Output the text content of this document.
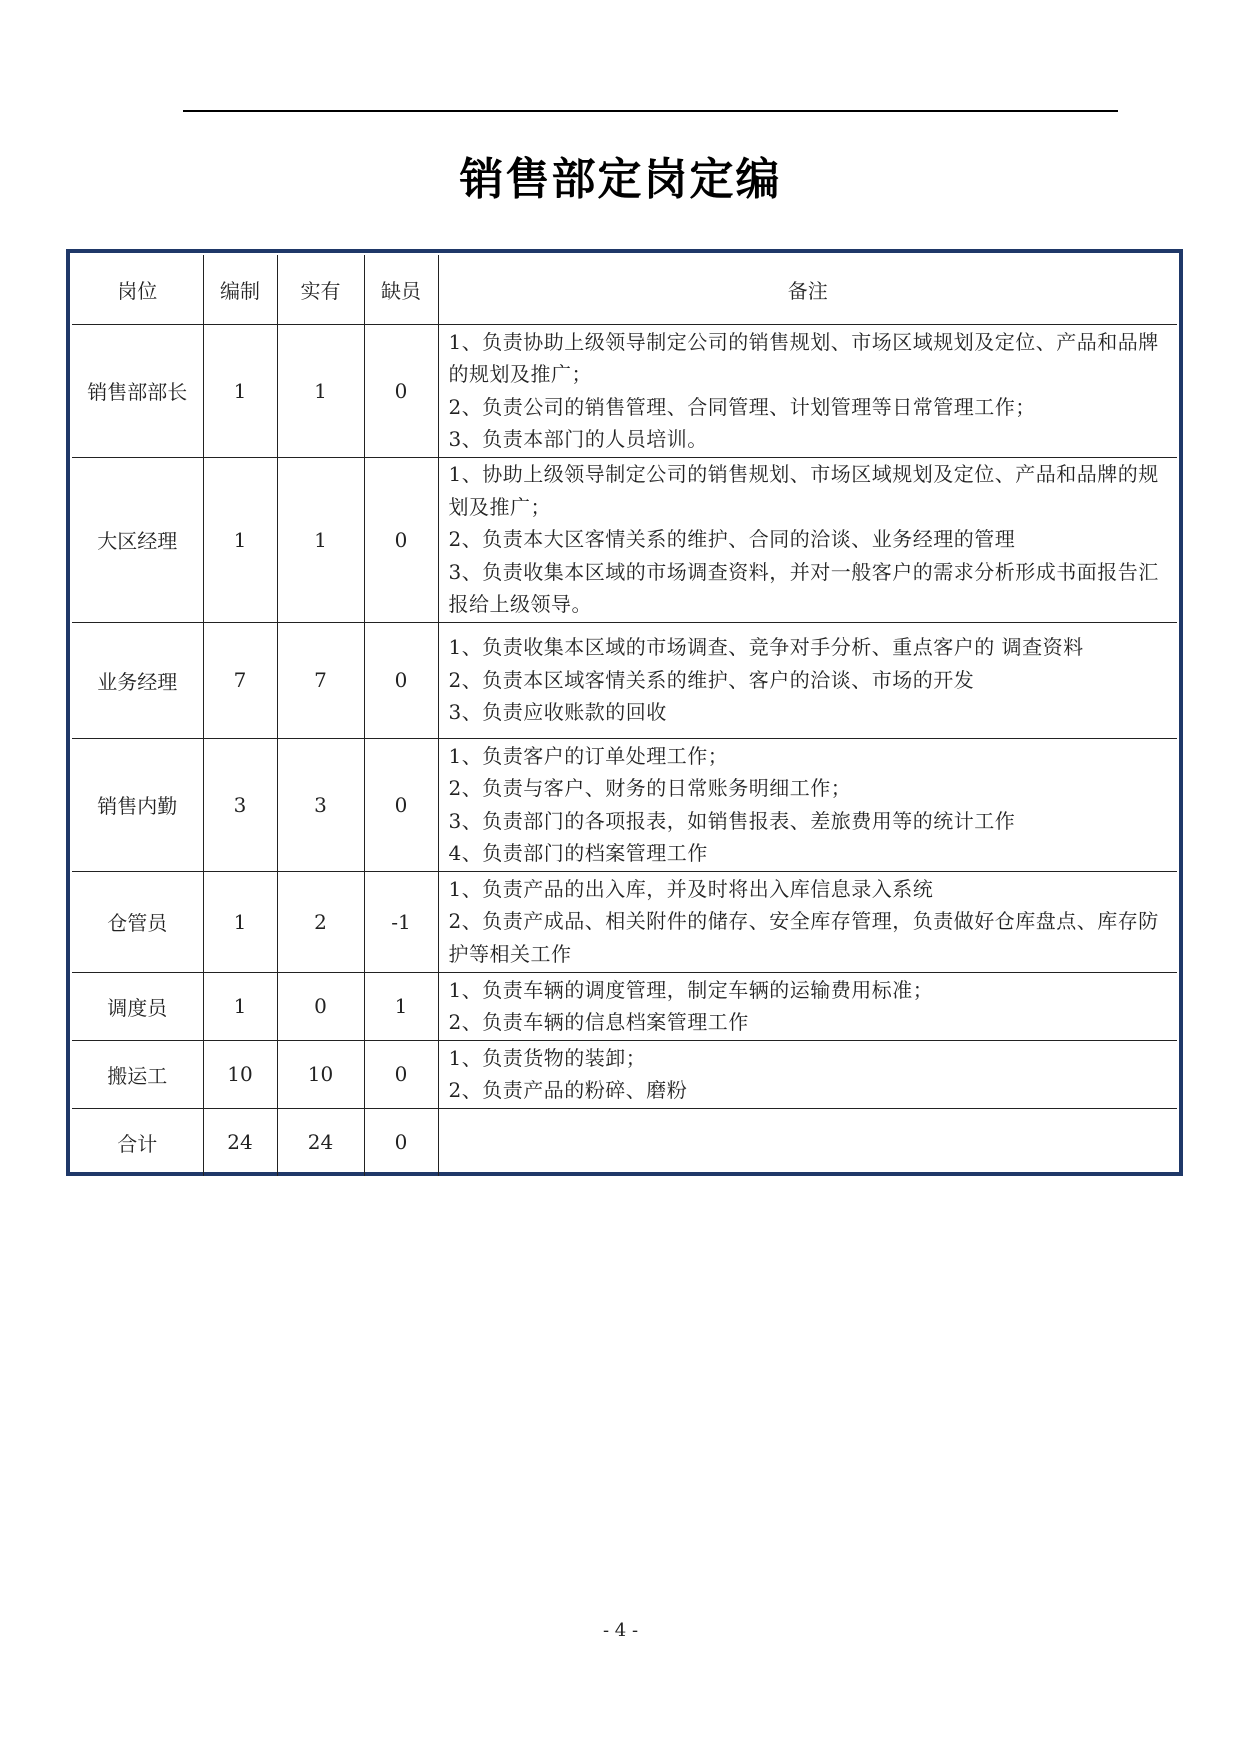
销售部定岗定编
岗位	编制	实有	缺员	备注
销售部部长	1	1	0	1、负责协助上级领导制定公司的销售规划、市场区域规划及定位、产品和品牌的规划及推广；
2、负责公司的销售管理、合同管理、计划管理等日常管理工作；
3、负责本部门的人员培训。

大区经理	1	1	0	1、协助上级领导制定公司的销售规划、市场区域规划及定位、产品和品牌的规划及推广；
2、负责本大区客情关系的维护、合同的洽谈、业务经理的管理
3、负责收集本区域的市场调查资料，并对一般客户的需求分析形成书面报告汇报给上级领导。

业务经理	7	7	0	1、负责收集本区域的市场调查、竞争对手分析、重点客户的 调查资料
2、负责本区域客情关系的维护、客户的洽谈、市场的开发
3、负责应收账款的回收

销售内勤	3	3	0	1、负责客户的订单处理工作；
2、负责与客户、财务的日常账务明细工作；
3、负责部门的各项报表，如销售报表、差旅费用等的统计工作
4、负责部门的档案管理工作

仓管员	1	2	-1	1、负责产品的出入库，并及时将出入库信息录入系统
2、负责产成品、相关附件的储存、安全库存管理，负责做好仓库盘点、库存防护等相关工作

调度员	1	0	1	1、负责车辆的调度管理，制定车辆的运输费用标准；
2、负责车辆的信息档案管理工作

搬运工	10	10	0	1、负责货物的装卸；
2、负责产品的粉碎、磨粉

合计	24	24	0	
- 4 -
